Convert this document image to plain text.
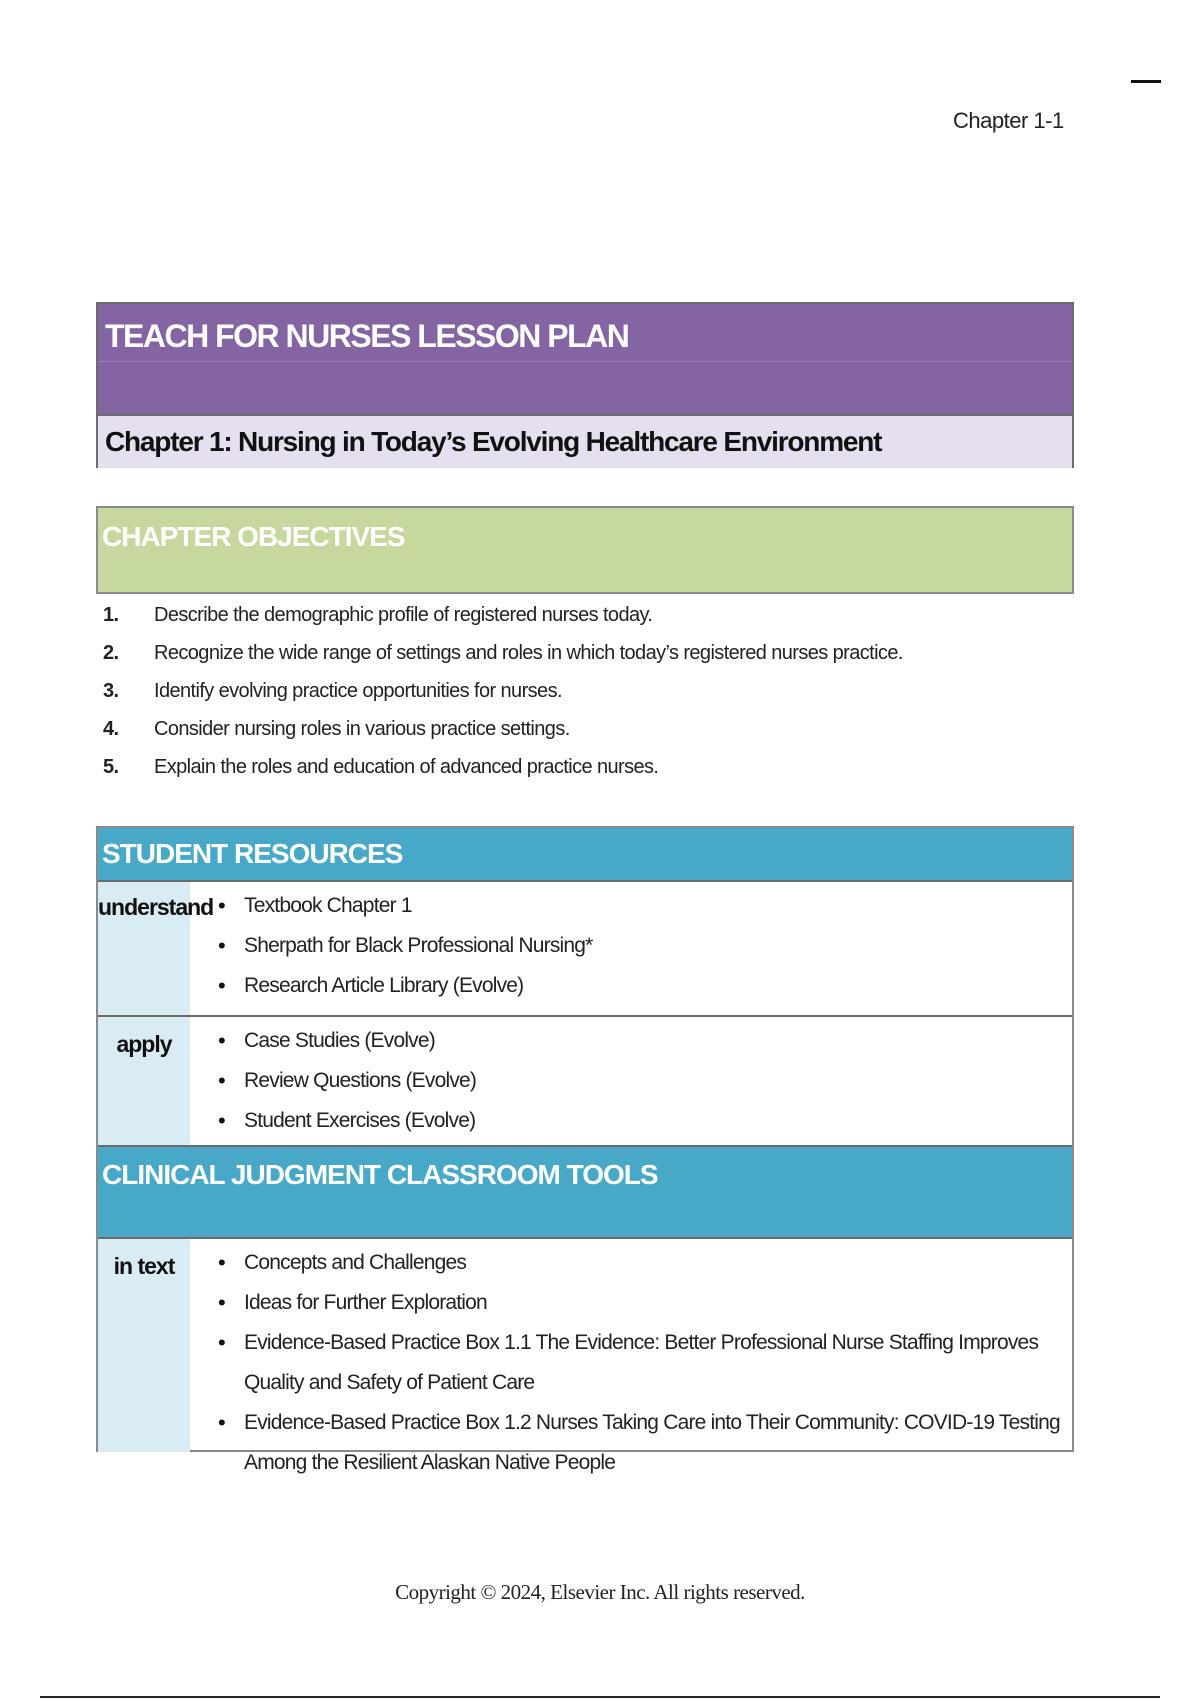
Chapter 1-1
TEACH FOR NURSES LESSON PLAN
Chapter 1: Nursing in Today’s Evolving Healthcare Environment
CHAPTER OBJECTIVES
1. Describe the demographic profile of registered nurses today.
2. Recognize the wide range of settings and roles in which today’s registered nurses practice.
3. Identify evolving practice opportunities for nurses.
4. Consider nursing roles in various practice settings.
5. Explain the roles and education of advanced practice nurses.
STUDENT RESOURCES
understand	• Textbook Chapter 1
• Sherpath for Black Professional Nursing*
• Research Article Library (Evolve)
apply	• Case Studies (Evolve)
• Review Questions (Evolve)
• Student Exercises (Evolve)
CLINICAL JUDGMENT CLASSROOM TOOLS
in text	• Concepts and Challenges
• Ideas for Further Exploration
• Evidence-Based Practice Box 1.1 The Evidence: Better Professional Nurse Staffing Improves Quality and Safety of Patient Care
• Evidence-Based Practice Box 1.2 Nurses Taking Care into Their Community: COVID-19 Testing Among the Resilient Alaskan Native People
Copyright © 2024, Elsevier Inc. All rights reserved.
